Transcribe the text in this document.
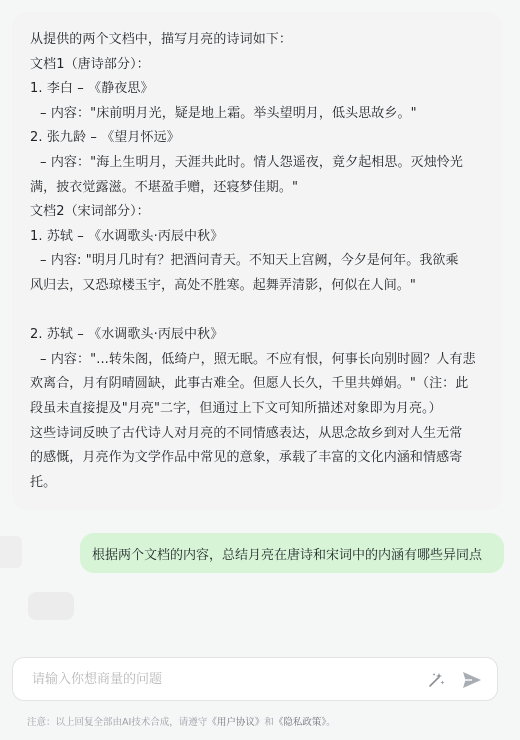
从提供的两个文档中，描写月亮的诗词如下：

文档1（唐诗部分）：

1. 李白 – 《静夜思》

– 内容："床前明月光，疑是地上霜。举头望明月，低头思故乡。"

2. 张九龄 – 《望月怀远》

– 内容："海上生明月，天涯共此时。情人怨遥夜，竟夕起相思。灭烛怜光

满，披衣觉露滋。不堪盈手赠，还寝梦佳期。"

文档2（宋词部分）：

1. 苏轼 – 《水调歌头·丙辰中秋》

– 内容: "明月几时有？把酒问青天。不知天上宫阙，今夕是何年。我欲乘

风归去，又恐琼楼玉宇，高处不胜寒。起舞弄清影，何似在人间。"

2. 苏轼 – 《水调歌头·丙辰中秋》

– 内容："...转朱阁，低绮户，照无眠。不应有恨，何事长向别时圆？人有悲

欢离合，月有阴晴圆缺，此事古难全。但愿人长久，千里共婵娟。"（注：此

段虽未直接提及"月亮"二字，但通过上下文可知所描述对象即为月亮。）

这些诗词反映了古代诗人对月亮的不同情感表达，从思念故乡到对人生无常

的感慨，月亮作为文学作品中常见的意象，承载了丰富的文化内涵和情感寄

托。

根据两个文档的内容，总结月亮在唐诗和宋词中的内涵有哪些异同点
请输入你想商量的问题
注意：以上回复全部由AI技术合成，请遵守《用户协议》和《隐私政策》。
